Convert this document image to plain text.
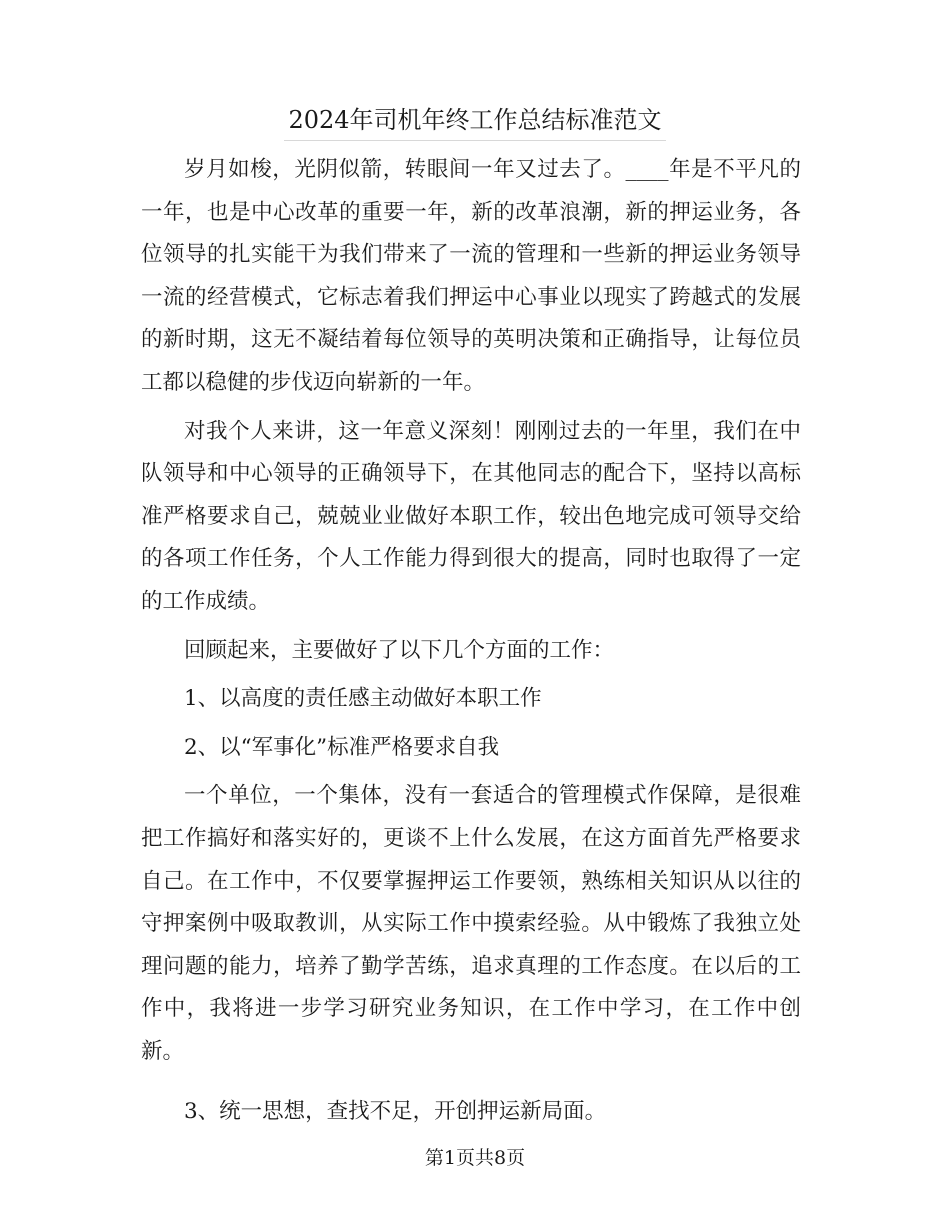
2024年司机年终工作总结标准范文

岁月如梭，光阴似箭，转眼间一年又过去了。____年是不平凡的一年，也是中心改革的重要一年，新的改革浪潮，新的押运业务，各位领导的扎实能干为我们带来了一流的管理和一些新的押运业务领导一流的经营模式，它标志着我们押运中心事业以现实了跨越式的发展的新时期，这无不凝结着每位领导的英明决策和正确指导，让每位员工都以稳健的步伐迈向崭新的一年。

对我个人来讲，这一年意义深刻！刚刚过去的一年里，我们在中队领导和中心领导的正确领导下，在其他同志的配合下，坚持以高标准严格要求自己，兢兢业业做好本职工作，较出色地完成可领导交给的各项工作任务，个人工作能力得到很大的提高，同时也取得了一定的工作成绩。

回顾起来，主要做好了以下几个方面的工作：

1、以高度的责任感主动做好本职工作

2、以“军事化”标准严格要求自我

一个单位，一个集体，没有一套适合的管理模式作保障，是很难把工作搞好和落实好的，更谈不上什么发展，在这方面首先严格要求自己。在工作中，不仅要掌握押运工作要领，熟练相关知识从以往的守押案例中吸取教训，从实际工作中摸索经验。从中锻炼了我独立处理问题的能力，培养了勤学苦练，追求真理的工作态度。在以后的工作中，我将进一步学习研究业务知识，在工作中学习，在工作中创新。

3、统一思想，查找不足，开创押运新局面。

第1页共8页
